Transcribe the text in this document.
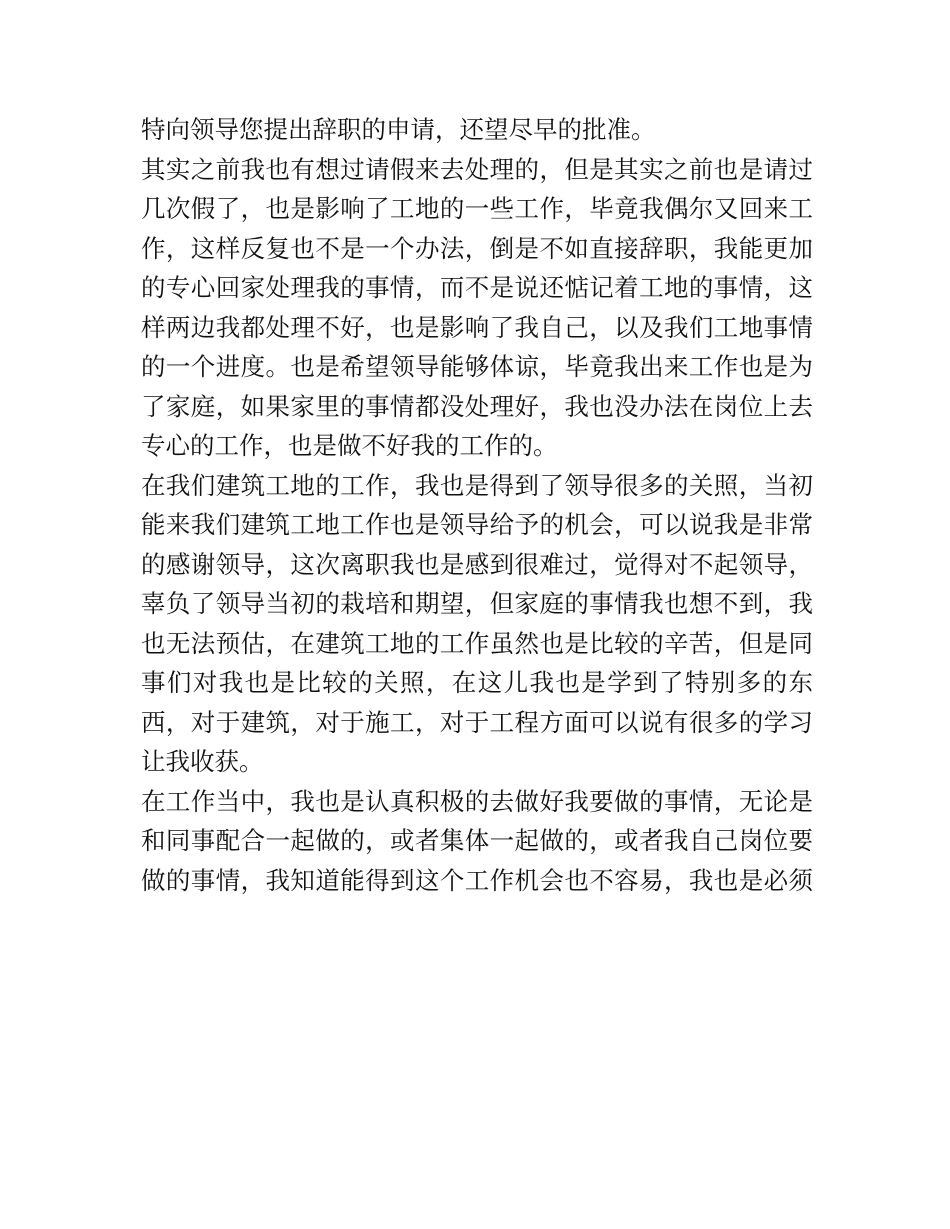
特向领导您提出辞职的申请，还望尽早的批准。
其实之前我也有想过请假来去处理的，但是其实之前也是请过
几次假了，也是影响了工地的一些工作，毕竟我偶尔又回来工
作，这样反复也不是一个办法，倒是不如直接辞职，我能更加
的专心回家处理我的事情，而不是说还惦记着工地的事情，这
样两边我都处理不好，也是影响了我自己，以及我们工地事情
的一个进度。也是希望领导能够体谅，毕竟我出来工作也是为
了家庭，如果家里的事情都没处理好，我也没办法在岗位上去
专心的工作，也是做不好我的工作的。
在我们建筑工地的工作，我也是得到了领导很多的关照，当初
能来我们建筑工地工作也是领导给予的机会，可以说我是非常
的感谢领导，这次离职我也是感到很难过，觉得对不起领导，
辜负了领导当初的栽培和期望，但家庭的事情我也想不到，我
也无法预估，在建筑工地的工作虽然也是比较的辛苦，但是同
事们对我也是比较的关照，在这儿我也是学到了特别多的东
西，对于建筑，对于施工，对于工程方面可以说有很多的学习
让我收获。
在工作当中，我也是认真积极的去做好我要做的事情，无论是
和同事配合一起做的，或者集体一起做的，或者我自己岗位要
做的事情，我知道能得到这个工作机会也不容易，我也是必须
